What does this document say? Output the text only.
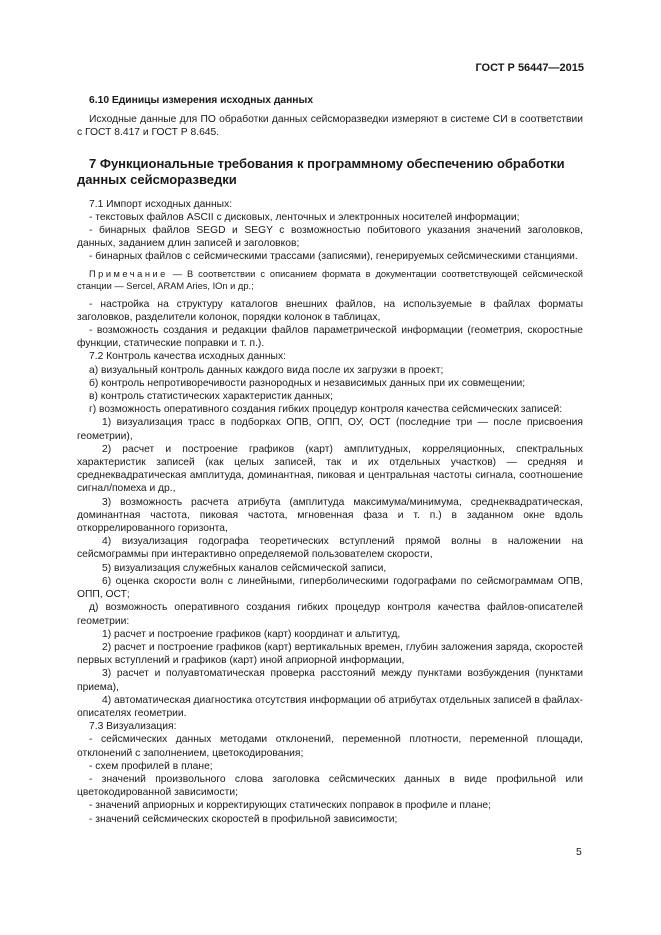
ГОСТ Р 56447—2015

6.10 Единицы измерения исходных данных

Исходные данные для ПО обработки данных сейсморазведки измеряют в системе СИ в соответствии с ГОСТ 8.417 и ГОСТ Р 8.645.

7 Функциональные требования к программному обеспечению обработки данных сейсморазведки

7.1 Импорт исходных данных:

- текстовых файлов ASCII с дисковых, ленточных и электронных носителей информации;

- бинарных файлов SEGD и SEGY с возможностью побитового указания значений заголовков, данных, заданием длин записей и заголовков;

- бинарных файлов с сейсмическими трассами (записями), генерируемых сейсмическими станциями.

Примечание — В соответствии с описанием формата в документации соответствующей сейсмической станции — Sercel, ARAM Aries, IOn и др.;

- настройка на структуру каталогов внешних файлов, на используемые в файлах форматы заголовков, разделители колонок, порядки колонок в таблицах,

- возможность создания и редакции файлов параметрической информации (геометрия, скоростные функции, статические поправки и т. п.).

7.2 Контроль качества исходных данных:

а) визуальный контроль данных каждого вида после их загрузки в проект;

б) контроль непротиворечивости разнородных и независимых данных при их совмещении;

в) контроль статистических характеристик данных;

г) возможность оперативного создания гибких процедур контроля качества сейсмических записей:

1) визуализация трасс в подборках ОПВ, ОПП, ОУ, ОСТ (последние три — после присвоения геометрии),

2) расчет и построение графиков (карт) амплитудных, корреляционных, спектральных характеристик записей (как целых записей, так и их отдельных участков) — средняя и среднеквадратическая амплитуда, доминантная, пиковая и центральная частоты сигнала, соотношение сигнал/помеха и др.,

3) возможность расчета атрибута (амплитуда максимума/минимума, среднеквадратическая, доминантная частота, пиковая частота, мгновенная фаза и т. п.) в заданном окне вдоль откоррелированного горизонта,

4) визуализация годографа теоретических вступлений прямой волны в наложении на сейсмограммы при интерактивно определяемой пользователем скорости,

5) визуализация служебных каналов сейсмической записи,

6) оценка скорости волн с линейными, гиперболическими годографами по сейсмограммам ОПВ, ОПП, ОСТ;

д) возможность оперативного создания гибких процедур контроля качества файлов-описателей геометрии:

1) расчет и построение графиков (карт) координат и альтитуд,

2) расчет и построение графиков (карт) вертикальных времен, глубин заложения заряда, скоростей первых вступлений и графиков (карт) иной априорной информации,

3) расчет и полуавтоматическая проверка расстояний между пунктами возбуждения (пунктами приема),

4) автоматическая диагностика отсутствия информации об атрибутах отдельных записей в файлах-описателях геометрии.

7.3 Визуализация:

- сейсмических данных методами отклонений, переменной плотности, переменной площади, отклонений с заполнением, цветокодирования;

- схем профилей в плане;

- значений произвольного слова заголовка сейсмических данных в виде профильной или цветокодированной зависимости;

- значений априорных и корректирующих статических поправок в профиле и плане;

- значений сейсмических скоростей в профильной зависимости;

5
